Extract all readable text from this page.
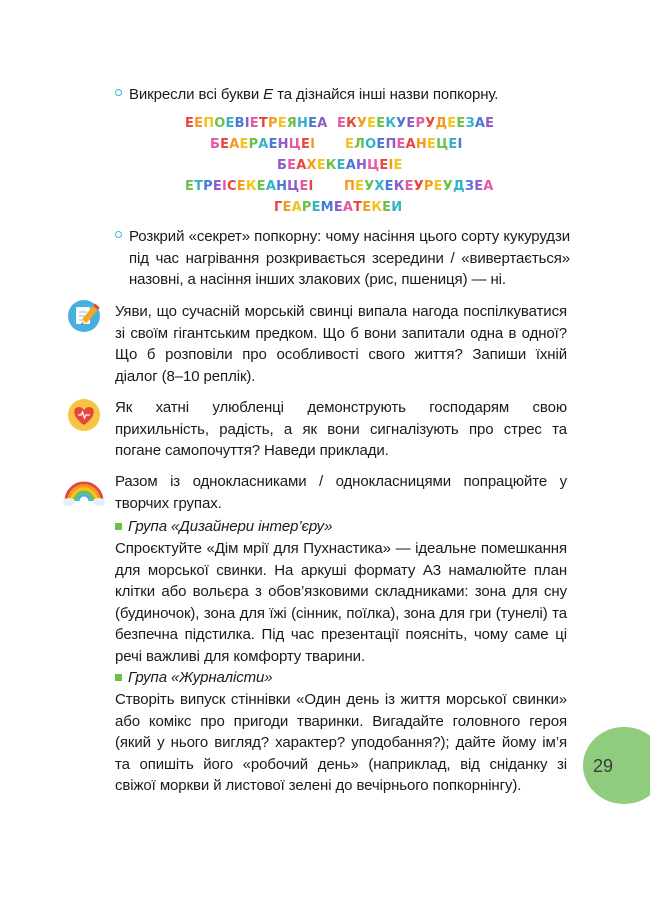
Викресли всі букви Е та дізнайся інші назви попкорну.
ЕЕПОЕВІЕТРЕЯНЕА ЕКУЕЕКУЕРУДЕЕЗАЕ
БЕАЕРАЕНЦЕІ ЕЛОЕПЕАНЕЦЕІ
БЕАХЕКЕАНЦЕІЕ
ЕТРЕІСЕКЕАНЦЕІ ПЕУХЕКЕУРЕУДЗЕА
ГЕАРЕМЕАТЕКЕИ
Розкрий «секрет» попкорну: чому насіння цього сорту кукурудзи під час нагрівання розкривається зсередини / «вивертається» назовні, а насіння інших злакових (рис, пшениця) — ні.
Уяви, що сучасній морській свинці випала нагода поспілкуватися зі своїм гігантським предком. Що б вони запитали одна в одної? Що б розповіли про особливості свого життя? Запиши їхній діалог (8–10 реплік).
Як хатні улюбленці демонструють господарям свою прихильність, радість, а як вони сигналізують про стрес та погане самопочуття? Наведи приклади.
Разом із однокласниками / однокласницями попрацюйте у творчих групах.
Група «Дизайнери інтер’єру»
Спроєктуйте «Дім мрії для Пухнастика» — ідеальне помешкання для морської свинки. На аркуші формату А3 намалюйте план клітки або вольєра з обов’язковими складниками: зона для сну (будиночок), зона для їжі (сінник, поїлка), зона для гри (тунелі) та безпечна підстилка. Під час презентації поясніть, чому саме ці речі важливі для комфорту тварини.
Група «Журналісти»
Створіть випуск стіннівки «Один день із життя морської свинки» або комікс про пригоди тваринки. Вигадайте головного героя (який у нього вигляд? характер? уподобання?); дайте йому ім’я та опишіть його «робочий день» (наприклад, від сніданку зі свіжої моркви й листової зелені до вечірнього попкорнінгу).
29
